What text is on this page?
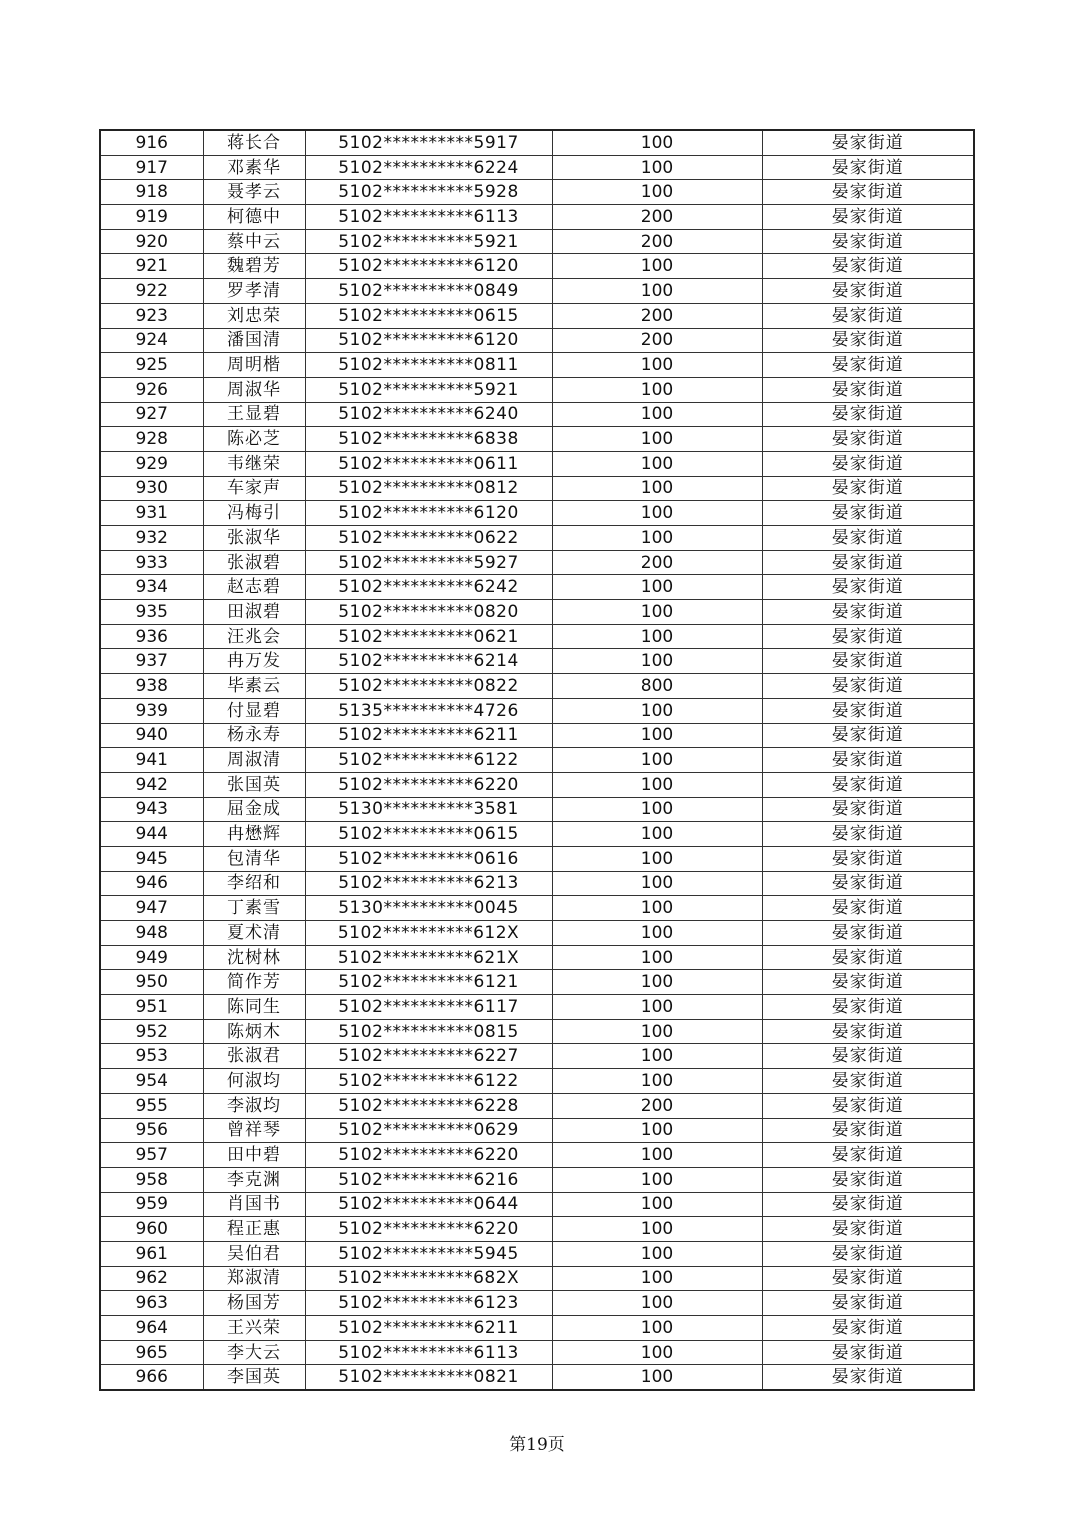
916	蒋长合	5102**********5917	100	晏家街道
917	邓素华	5102**********6224	100	晏家街道
918	聂孝云	5102**********5928	100	晏家街道
919	柯德中	5102**********6113	200	晏家街道
920	蔡中云	5102**********5921	200	晏家街道
921	魏碧芳	5102**********6120	100	晏家街道
922	罗孝清	5102**********0849	100	晏家街道
923	刘忠荣	5102**********0615	200	晏家街道
924	潘国清	5102**********6120	200	晏家街道
925	周明楷	5102**********0811	100	晏家街道
926	周淑华	5102**********5921	100	晏家街道
927	王显碧	5102**********6240	100	晏家街道
928	陈必芝	5102**********6838	100	晏家街道
929	韦继荣	5102**********0611	100	晏家街道
930	车家声	5102**********0812	100	晏家街道
931	冯梅引	5102**********6120	100	晏家街道
932	张淑华	5102**********0622	100	晏家街道
933	张淑碧	5102**********5927	200	晏家街道
934	赵志碧	5102**********6242	100	晏家街道
935	田淑碧	5102**********0820	100	晏家街道
936	汪兆会	5102**********0621	100	晏家街道
937	冉万发	5102**********6214	100	晏家街道
938	毕素云	5102**********0822	800	晏家街道
939	付显碧	5135**********4726	100	晏家街道
940	杨永寿	5102**********6211	100	晏家街道
941	周淑清	5102**********6122	100	晏家街道
942	张国英	5102**********6220	100	晏家街道
943	屈金成	5130**********3581	100	晏家街道
944	冉懋辉	5102**********0615	100	晏家街道
945	包清华	5102**********0616	100	晏家街道
946	李绍和	5102**********6213	100	晏家街道
947	丁素雪	5130**********0045	100	晏家街道
948	夏术清	5102**********612X	100	晏家街道
949	沈树林	5102**********621X	100	晏家街道
950	简作芳	5102**********6121	100	晏家街道
951	陈同生	5102**********6117	100	晏家街道
952	陈炳木	5102**********0815	100	晏家街道
953	张淑君	5102**********6227	100	晏家街道
954	何淑均	5102**********6122	100	晏家街道
955	李淑均	5102**********6228	200	晏家街道
956	曾祥琴	5102**********0629	100	晏家街道
957	田中碧	5102**********6220	100	晏家街道
958	李克渊	5102**********6216	100	晏家街道
959	肖国书	5102**********0644	100	晏家街道
960	程正惠	5102**********6220	100	晏家街道
961	吴伯君	5102**********5945	100	晏家街道
962	郑淑清	5102**********682X	100	晏家街道
963	杨国芳	5102**********6123	100	晏家街道
964	王兴荣	5102**********6211	100	晏家街道
965	李大云	5102**********6113	100	晏家街道
966	李国英	5102**********0821	100	晏家街道
第19页
